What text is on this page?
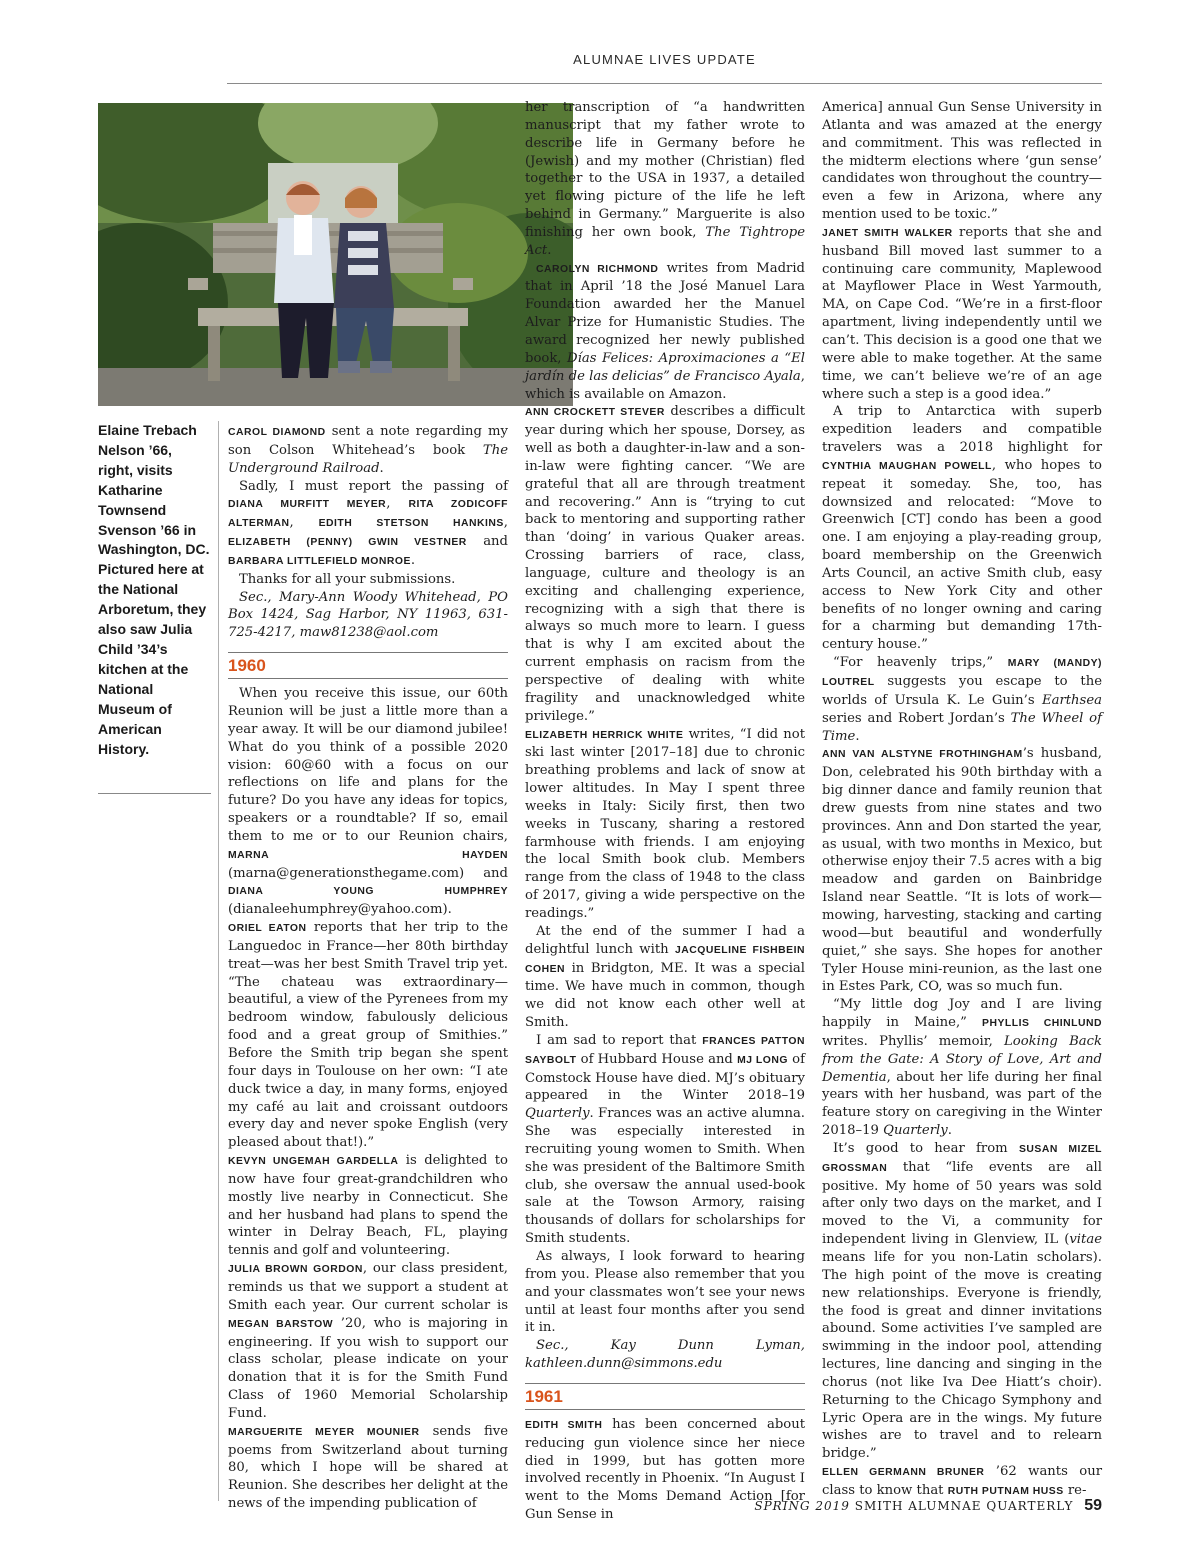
ALUMNAE LIVES UPDATE
Elaine Trebach Nelson ’66, right, visits Katharine Townsend Svenson ’66 in Washington, DC. Pictured here at the National Arboretum, they also saw Julia Child ’34’s kitchen at the National Museum of American History.

CAROL DIAMOND sent a note regarding my son Colson Whitehead’s book The Underground Railroad.

Sadly, I must report the passing of DIANA MURFITT MEYER, RITA ZODICOFF ALTERMAN, EDITH STETSON HANKINS, ELIZABETH (PENNY) GWIN VESTNER and BARBARA LITTLEFIELD MONROE.

Thanks for all your submissions.

Sec., Mary-Ann Woody Whitehead, PO Box 1424, Sag Harbor, NY 11963, 631-725-4217, maw81238@aol.com

1960

When you receive this issue, our 60th Reunion will be just a little more than a year away. It will be our diamond jubilee! What do you think of a possible 2020 vision: 60@60 with a focus on our reflections on life and plans for the future? Do you have any ideas for topics, speakers or a roundtable? If so, email them to me or to our Reunion chairs, MARNA HAYDEN (marna@generationsthegame.com) and DIANA YOUNG HUMPHREY (dianaleehumphrey@yahoo.com).

ORIEL EATON reports that her trip to the Languedoc in France—her 80th birthday treat—was her best Smith Travel trip yet. “The chateau was extraordinary—beautiful, a view of the Pyrenees from my bedroom window, fabulously delicious food and a great group of Smithies.” Before the Smith trip began she spent four days in Toulouse on her own: “I ate duck twice a day, in many forms, enjoyed my café au lait and croissant outdoors every day and never spoke English (very pleased about that!).”

KEVYN UNGEMAH GARDELLA is delighted to now have four great-grandchildren who mostly live nearby in Connecticut. She and her husband had plans to spend the winter in Delray Beach, FL, playing tennis and golf and volunteering.

JULIA BROWN GORDON, our class president, reminds us that we support a student at Smith each year. Our current scholar is MEGAN BARSTOW ’20, who is majoring in engineering. If you wish to support our class scholar, please indicate on your donation that it is for the Smith Fund Class of 1960 Memorial Scholarship Fund.

MARGUERITE MEYER MOUNIER sends five poems from Switzerland about turning 80, which I hope will be shared at Reunion. She describes her delight at the news of the impending publication of

her transcription of “a handwritten manuscript that my father wrote to describe life in Germany before he (Jewish) and my mother (Christian) fled together to the USA in 1937, a detailed yet flowing picture of the life he left behind in Germany.” Marguerite is also finishing her own book, The Tightrope Act.

CAROLYN RICHMOND writes from Madrid that in April ’18 the José Manuel Lara Foundation awarded her the Manuel Alvar Prize for Humanistic Studies. The award recognized her newly published book, Días Felices: Aproximaciones a “El jardín de las delicias” de Francisco Ayala, which is available on Amazon.

ANN CROCKETT STEVER describes a difficult year during which her spouse, Dorsey, as well as both a daughter-in-law and a son-in-law were fighting cancer. “We are grateful that all are through treatment and recovering.” Ann is “trying to cut back to mentoring and supporting rather than ‘doing’ in various Quaker areas. Crossing barriers of race, class, language, culture and theology is an exciting and challenging experience, recognizing with a sigh that there is always so much more to learn. I guess that is why I am excited about the current emphasis on racism from the perspective of dealing with white fragility and unacknowledged white privilege.”

ELIZABETH HERRICK WHITE writes, “I did not ski last winter [2017–18] due to chronic breathing problems and lack of snow at lower altitudes. In May I spent three weeks in Italy: Sicily first, then two weeks in Tuscany, sharing a restored farmhouse with friends. I am enjoying the local Smith book club. Members range from the class of 1948 to the class of 2017, giving a wide perspective on the readings.”

At the end of the summer I had a delightful lunch with JACQUELINE FISHBEIN COHEN in Bridgton, ME. It was a special time. We have much in common, though we did not know each other well at Smith.

I am sad to report that FRANCES PATTON SAYBOLT of Hubbard House and MJ LONG of Comstock House have died. MJ’s obituary appeared in the Winter 2018–19 Quarterly. Frances was an active alumna. She was especially interested in recruiting young women to Smith. When she was president of the Baltimore Smith club, she oversaw the annual used-book sale at the Towson Armory, raising thousands of dollars for scholarships for Smith students.

As always, I look forward to hearing from you. Please also remember that you and your classmates won’t see your news until at least four months after you send it in.

Sec., Kay Dunn Lyman, kathleen.dunn@simmons.edu

1961

EDITH SMITH has been concerned about reducing gun violence since her niece died in 1999, but has gotten more involved recently in Phoenix. “In August I went to the Moms Demand Action [for Gun Sense in

America] annual Gun Sense University in Atlanta and was amazed at the energy and commitment. This was reflected in the midterm elections where ‘gun sense’ candidates won throughout the country—even a few in Arizona, where any mention used to be toxic.”

JANET SMITH WALKER reports that she and husband Bill moved last summer to a continuing care community, Maplewood at Mayflower Place in West Yarmouth, MA, on Cape Cod. “We’re in a first-floor apartment, living independently until we can’t. This decision is a good one that we were able to make together. At the same time, we can’t believe we’re of an age where such a step is a good idea.”

A trip to Antarctica with superb expedition leaders and compatible travelers was a 2018 highlight for CYNTHIA MAUGHAN POWELL, who hopes to repeat it someday. She, too, has downsized and relocated: “Move to Greenwich [CT] condo has been a good one. I am enjoying a play-reading group, board membership on the Greenwich Arts Council, an active Smith club, easy access to New York City and other benefits of no longer owning and caring for a charming but demanding 17th-century house.”

“For heavenly trips,” MARY (MANDY) LOUTREL suggests you escape to the worlds of Ursula K. Le Guin’s Earthsea series and Robert Jordan’s The Wheel of Time.

ANN VAN ALSTYNE FROTHINGHAM’s husband, Don, celebrated his 90th birthday with a big dinner dance and family reunion that drew guests from nine states and two provinces. Ann and Don started the year, as usual, with two months in Mexico, but otherwise enjoy their 7.5 acres with a big meadow and garden on Bainbridge Island near Seattle. “It is lots of work—mowing, harvesting, stacking and carting wood—but beautiful and wonderfully quiet,” she says. She hopes for another Tyler House mini-reunion, as the last one in Estes Park, CO, was so much fun.

“My little dog Joy and I are living happily in Maine,” PHYLLIS CHINLUND writes. Phyllis’ memoir, Looking Back from the Gate: A Story of Love, Art and Dementia, about her life during her final years with her husband, was part of the feature story on caregiving in the Winter 2018–19 Quarterly.

It’s good to hear from SUSAN MIZEL GROSSMAN that “life events are all positive. My home of 50 years was sold after only two days on the market, and I moved to the Vi, a community for independent living in Glenview, IL (vitae means life for you non-Latin scholars). The high point of the move is creating new relationships. Everyone is friendly, the food is great and dinner invitations abound. Some activities I’ve sampled are swimming in the indoor pool, attending lectures, line dancing and singing in the chorus (not like Iva Dee Hiatt’s choir). Returning to the Chicago Symphony and Lyric Opera are in the wings. My future wishes are to travel and to relearn bridge.”

ELLEN GERMANN BRUNER ’62 wants our class to know that RUTH PUTNAM HUSS re-

SPRING 2019 SMITH ALUMNAE QUARTERLY 59
